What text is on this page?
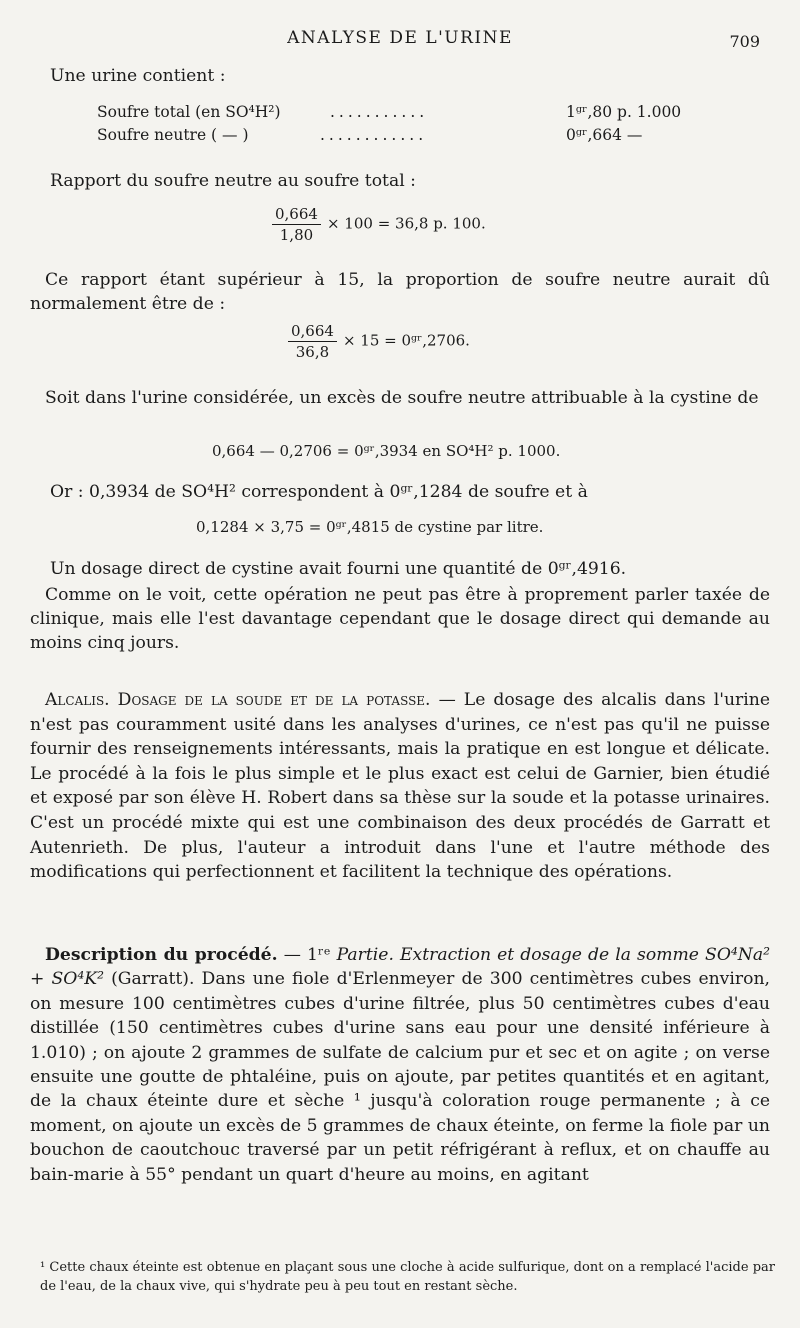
ANALYSE DE L'URINE	709
Une urine contient :
Soufre total (en SO⁴H²)	...........	1ᵍʳ,80 p. 1.000
Soufre neutre ( — )	............	0ᵍʳ,664 —
Rapport du soufre neutre au soufre total :
$\frac{0,664}{1,80} \times 100 = 36,8$ p. 100.
Ce rapport étant supérieur à 15, la proportion de soufre neutre aurait dû normalement être de :
$\frac{0,664}{36,8} \times 15$ = 0ᵍʳ,2706.
Soit dans l'urine considérée, un excès de soufre neutre attribuable à la cystine de
0,664 — 0,2706 = 0ᵍʳ,3934 en SO⁴H² p. 1000.
Or : 0,3934 de SO⁴H² correspondent à 0ᵍʳ,1284 de soufre et à
0,1284 × 3,75 = 0ᵍʳ,4815 de cystine par litre.
Un dosage direct de cystine avait fourni une quantité de 0ᵍʳ,4916.
Comme on le voit, cette opération ne peut pas être à proprement parler taxée de clinique, mais elle l'est davantage cependant que le dosage direct qui demande au moins cinq jours.
Alcalis. Dosage de la soude et de la potasse. — Le dosage des alcalis dans l'urine n'est pas couramment usité dans les analyses d'urines, ce n'est pas qu'il ne puisse fournir des renseignements intéressants, mais la pratique en est longue et délicate. Le procédé à la fois le plus simple et le plus exact est celui de Garnier, bien étudié et exposé par son élève H. Robert dans sa thèse sur la soude et la potasse urinaires. C'est un procédé mixte qui est une combinaison des deux procédés de Garratt et Autenrieth. De plus, l'auteur a introduit dans l'une et l'autre méthode des modifications qui perfectionnent et facilitent la technique des opérations.
Description du procédé. — 1ʳᵉ Partie. Extraction et dosage de la somme SO⁴Na² + SO⁴K² (Garratt). Dans une fiole d'Erlenmeyer de 300 centimètres cubes environ, on mesure 100 centimètres cubes d'urine filtrée, plus 50 centimètres cubes d'eau distillée (150 centimètres cubes d'urine sans eau pour une densité inférieure à 1.010) ; on ajoute 2 grammes de sulfate de calcium pur et sec et on agite ; on verse ensuite une goutte de phtaléine, puis on ajoute, par petites quantités et en agitant, de la chaux éteinte dure et sèche ¹ jusqu'à coloration rouge permanente ; à ce moment, on ajoute un excès de 5 grammes de chaux éteinte, on ferme la fiole par un bouchon de caoutchouc traversé par un petit réfrigérant à reflux, et on chauffe au bain-marie à 55° pendant un quart d'heure au moins, en agitant
¹ Cette chaux éteinte est obtenue en plaçant sous une cloche à acide sulfurique, dont on a remplacé l'acide par de l'eau, de la chaux vive, qui s'hydrate peu à peu tout en restant sèche.
